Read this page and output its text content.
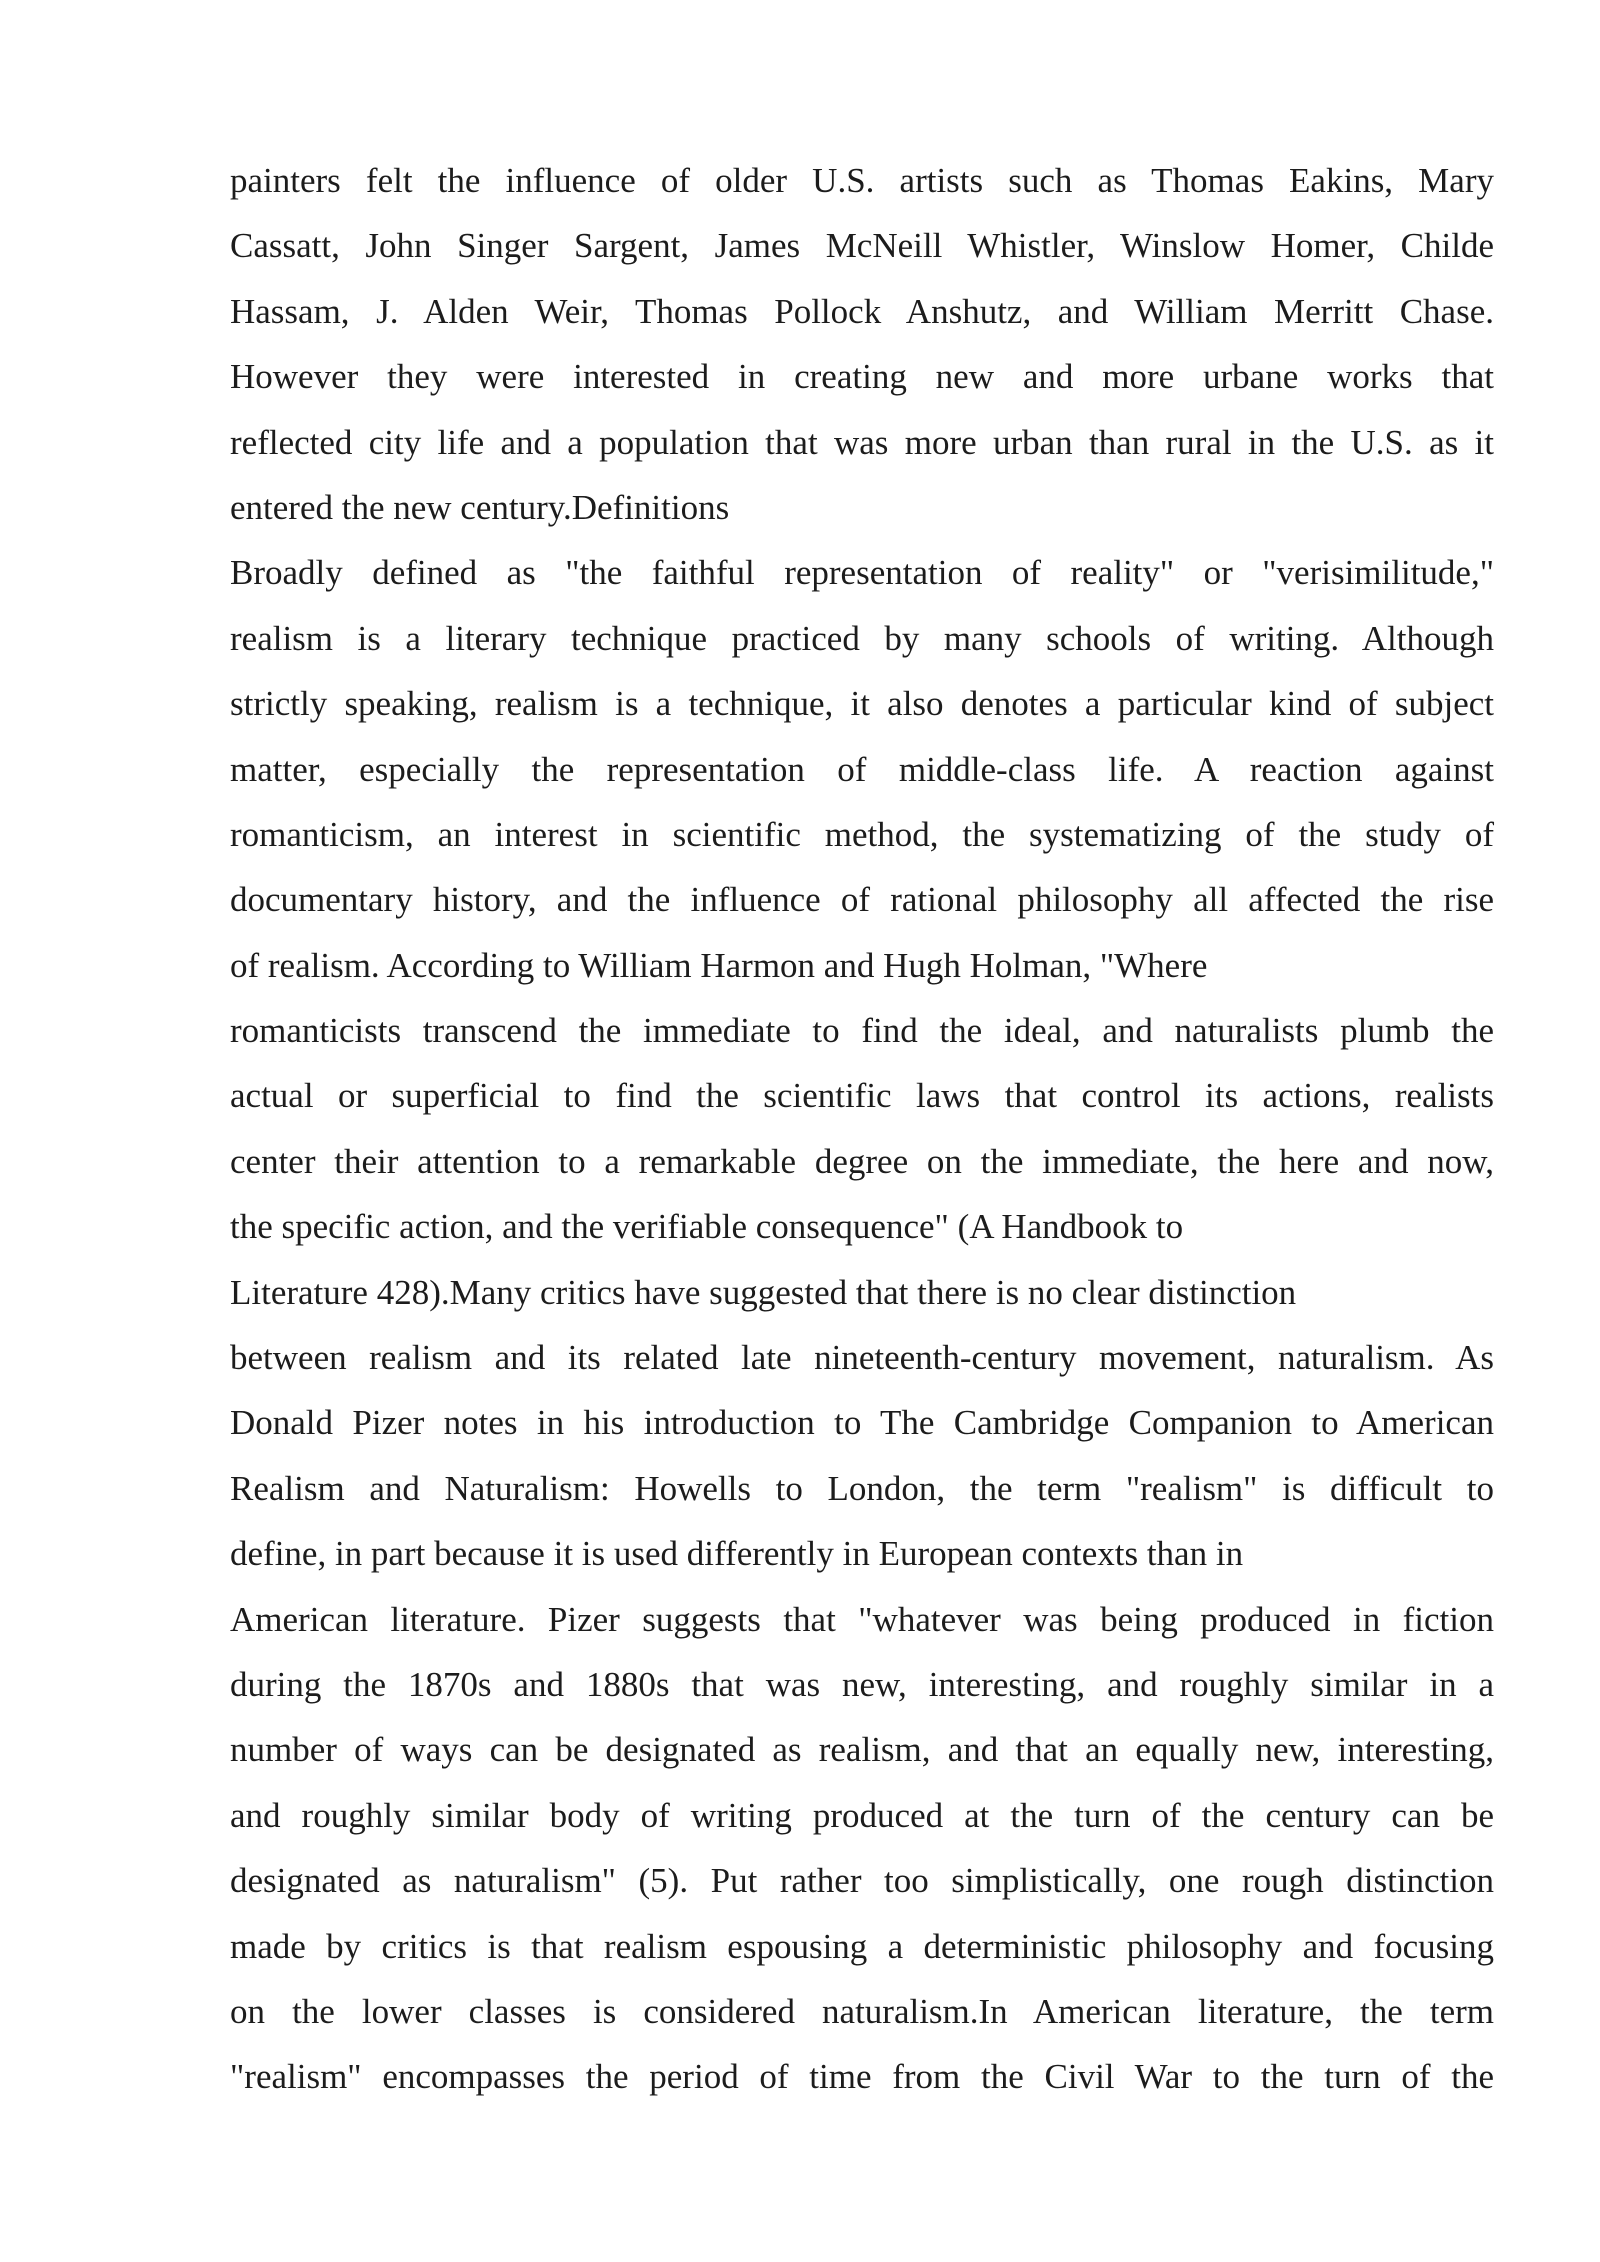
painters felt the influence of older U.S. artists such as Thomas Eakins, Mary
Cassatt, John Singer Sargent, James McNeill Whistler, Winslow Homer, Childe
Hassam, J. Alden Weir, Thomas Pollock Anshutz, and William Merritt Chase.
However they were interested in creating new and more urbane works that
reflected city life and a population that was more urban than rural in the U.S. as it
entered the new century.Definitions
Broadly defined as "the faithful representation of reality" or "verisimilitude,"
realism is a literary technique practiced by many schools of writing. Although
strictly speaking, realism is a technique, it also denotes a particular kind of subject
matter, especially the representation of middle-class life. A reaction against
romanticism, an interest in scientific method, the systematizing of the study of
documentary history, and the influence of rational philosophy all affected the rise
of realism. According to William Harmon and Hugh Holman, "Where
romanticists transcend the immediate to find the ideal, and naturalists plumb the
actual or superficial to find the scientific laws that control its actions, realists
center their attention to a remarkable degree on the immediate, the here and now,
the specific action, and the verifiable consequence" (A Handbook to
Literature 428).Many critics have suggested that there is no clear distinction
between realism and its related late nineteenth-century movement, naturalism. As
Donald Pizer notes in his introduction to The Cambridge Companion to American
Realism and Naturalism: Howells to London, the term "realism" is difficult to
define, in part because it is used differently in European contexts than in
American literature. Pizer suggests that "whatever was being produced in fiction
during the 1870s and 1880s that was new, interesting, and roughly similar in a
number of ways can be designated as realism, and that an equally new, interesting,
and roughly similar body of writing produced at the turn of the century can be
designated as naturalism" (5). Put rather too simplistically, one rough distinction
made by critics is that realism espousing a deterministic philosophy and focusing
on the lower classes is considered naturalism.In American literature, the term
"realism" encompasses the period of time from the Civil War to the turn of the
